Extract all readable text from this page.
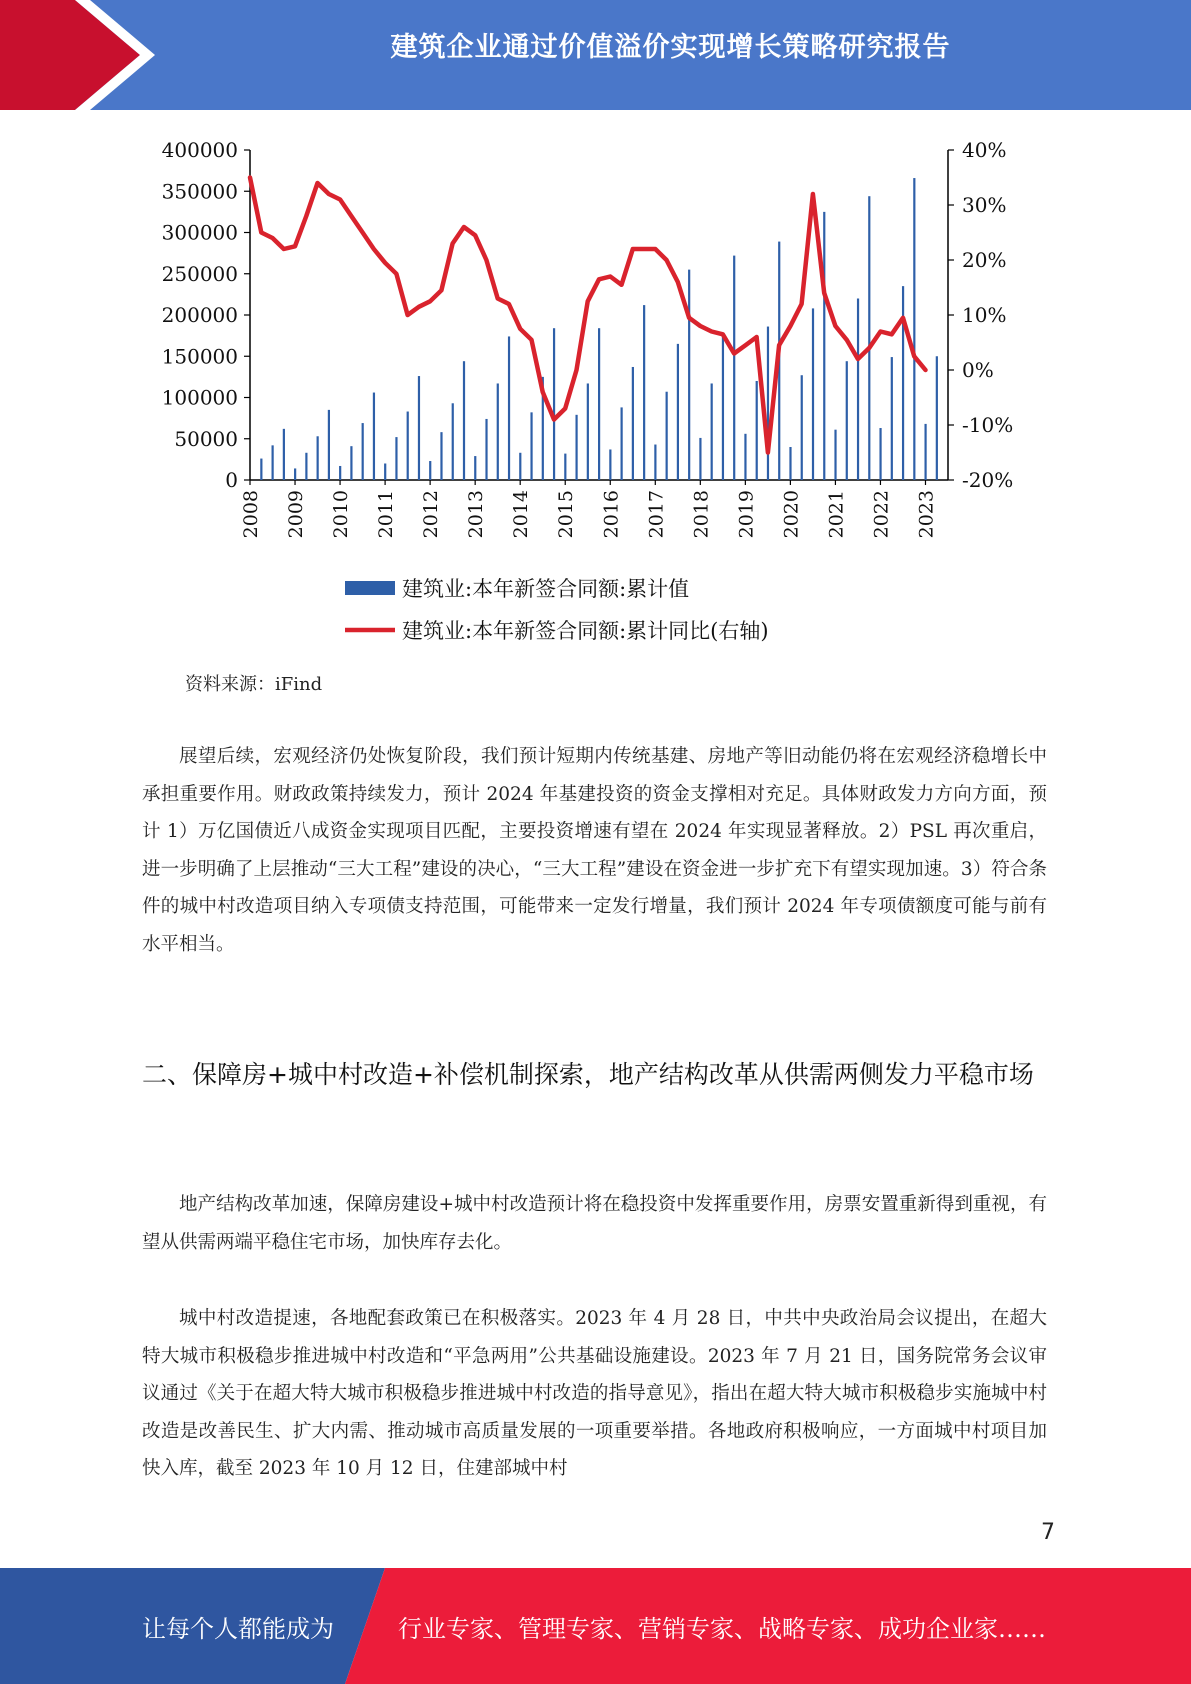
建筑企业通过价值溢价实现增长策略研究报告
400000
350000
300000
250000
200000
150000
100000
50000
0
40%
30%
20%
10%
0%
-10%
-20%
2008 2009 2010 2011 2012 2013 2014 2015 2016 2017 2018 2019 2020 2021 2022 2023
建筑业:本年新签合同额:累计值
建筑业:本年新签合同额:累计同比(右轴)
资料来源：iFind

展望后续，宏观经济仍处恢复阶段，我们预计短期内传统基建、房地产等旧动能仍将在宏观经济稳增长中承担重要作用。财政政策持续发力，预计 2024 年基建投资的资金支撑相对充足。具体财政发力方向方面，预计 1）万亿国债近八成资金实现项目匹配，主要投资增速有望在 2024 年实现显著释放。2）PSL 再次重启，进一步明确了上层推动“三大工程”建设的决心，“三大工程”建设在资金进一步扩充下有望实现加速。3）符合条件的城中村改造项目纳入专项债支持范围，可能带来一定发行增量，我们预计 2024 年专项债额度可能与前有水平相当。

二、保障房+城中村改造+补偿机制探索，地产结构改革从供需两侧发力平稳市场

地产结构改革加速，保障房建设+城中村改造预计将在稳投资中发挥重要作用，房票安置重新得到重视，有望从供需两端平稳住宅市场，加快库存去化。

城中村改造提速，各地配套政策已在积极落实。2023 年 4 月 28 日，中共中央政治局会议提出，在超大特大城市积极稳步推进城中村改造和“平急两用”公共基础设施建设。2023 年 7 月 21 日，国务院常务会议审议通过《关于在超大特大城市积极稳步推进城中村改造的指导意见》，指出在超大特大城市积极稳步实施城中村改造是改善民生、扩大内需、推动城市高质量发展的一项重要举措。各地政府积极响应，一方面城中村项目加快入库，截至 2023 年 10 月 12 日，住建部城中村

7
让每个人都能成为	行业专家、管理专家、营销专家、战略专家、成功企业家……
